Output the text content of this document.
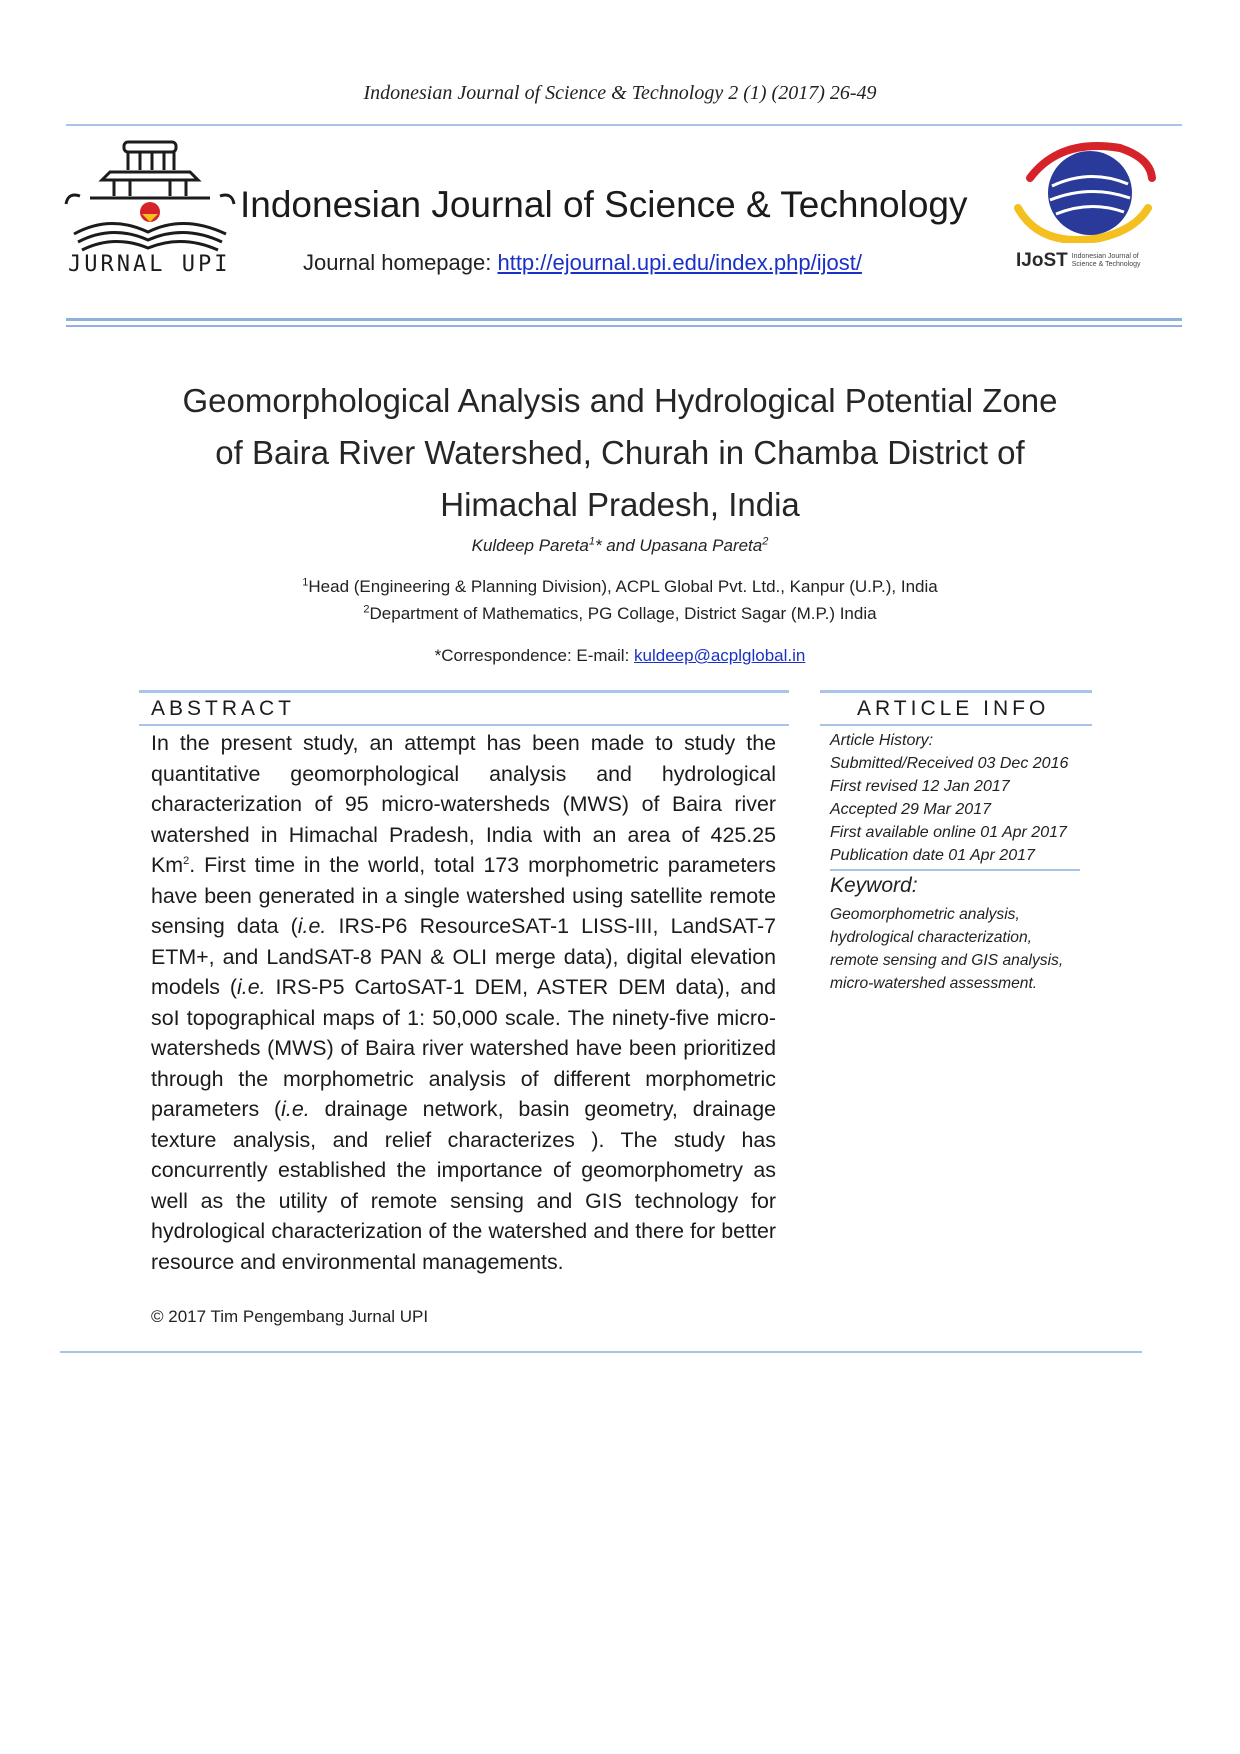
Indonesian Journal of Science & Technology 2 (1) (2017) 26-49
JURNAL UPI
Indonesian Journal of Science & Technology
Journal homepage: http://ejournal.upi.edu/index.php/ijost/	IJoST Indonesian Journal of
Science & Technology
Geomorphological Analysis and Hydrological Potential Zone
of Baira River Watershed, Churah in Chamba District of
Himachal Pradesh, India
Kuldeep Pareta$^1$* and Upasana Pareta$^2$
$^1$Head (Engineering & Planning Division), ACPL Global Pvt. Ltd., Kanpur (U.P.), India
$^2$Department of Mathematics, PG Collage, District Sagar (M.P.) India
*Correspondence: E-mail: kuldeep@acplglobal.in
ABSTRACT
In the present study, an attempt has been made to study the quantitative geomorphological analysis and hydrological characterization of 95 micro-watersheds (MWS) of Baira river watershed in Himachal Pradesh, India with an area of 425.25 Km$^2$. First time in the world, total 173 morphometric parameters have been generated in a single watershed using satellite remote sensing data (i.e. IRS-P6 ResourceSAT-1 LISS-III, LandSAT-7 ETM+, and LandSAT-8 PAN & OLI merge data), digital elevation models (i.e. IRS-P5 CartoSAT-1 DEM, ASTER DEM data), and soI topographical maps of 1: 50,000 scale. The ninety-five micro-watersheds (MWS) of Baira river watershed have been prioritized through the morphometric analysis of different morphometric parameters (i.e. drainage network, basin geometry, drainage texture analysis, and relief characterizes ). The study has concurrently established the importance of geomorphometry as well as the utility of remote sensing and GIS technology for hydrological characterization of the watershed and there for better resource and environmental managements.
© 2017 Tim Pengembang Jurnal UPI
ARTICLE INFO
Article History:
Submitted/Received 03 Dec 2016
First revised 12 Jan 2017
Accepted 29 Mar 2017
First available online 01 Apr 2017
Publication date 01 Apr 2017
Keyword:
Geomorphometric analysis,
hydrological characterization,
remote sensing and GIS analysis,
micro-watershed assessment.
